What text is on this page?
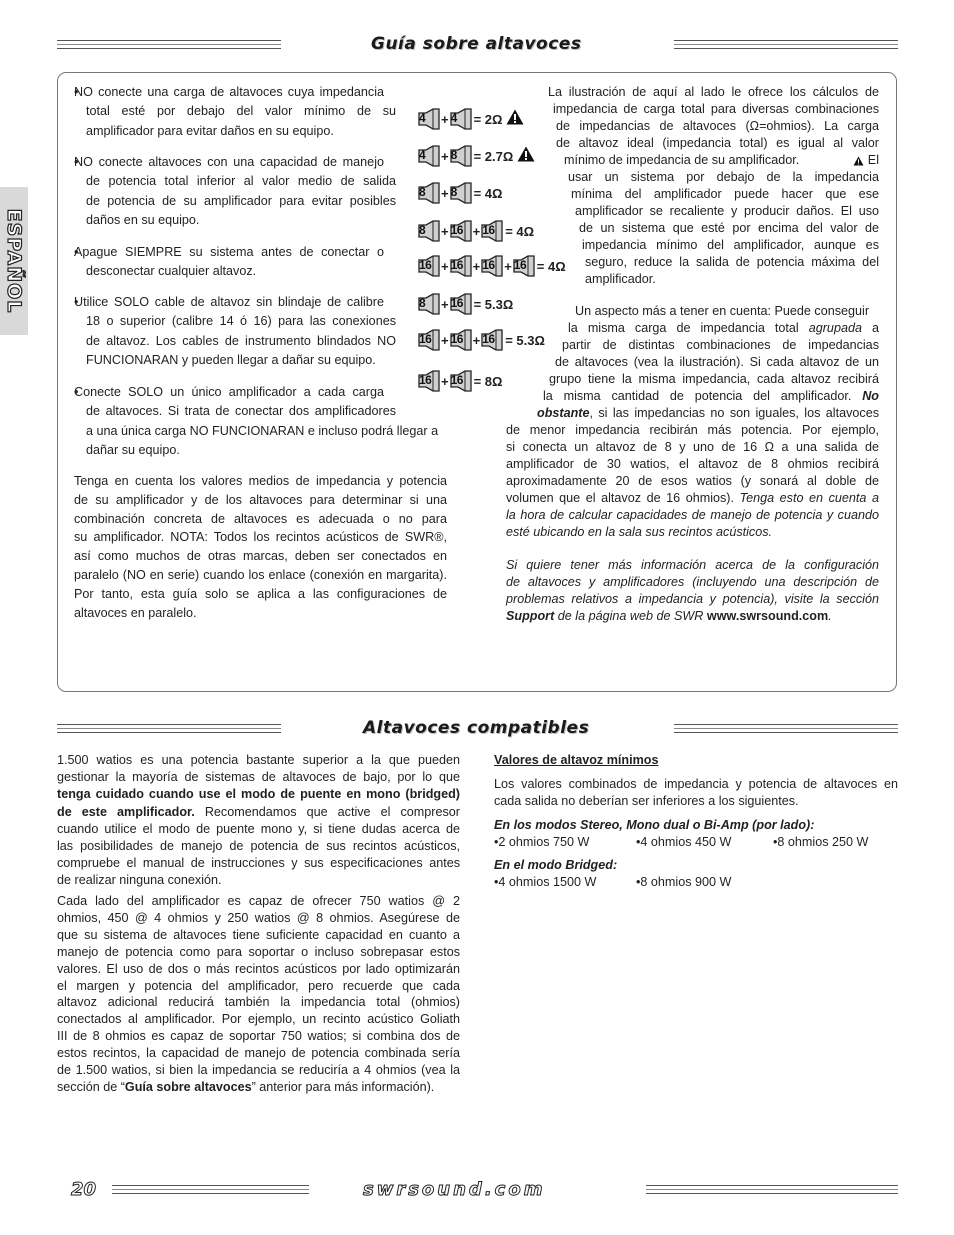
Guía sobre altavoces
ESPAÑOL
• NO conecte una carga de altavoces cuya impedancia
total esté por debajo del valor mínimo de su
amplificador para evitar daños en su equipo.
• NO conecte altavoces con una capacidad de manejo
de potencia total inferior al valor medio de salida
de potencia de su amplificador para evitar posibles
daños en su equipo.
• Apague SIEMPRE su sistema antes de conectar o
desconectar cualquier altavoz.
• Utilice SOLO cable de altavoz sin blindaje de calibre
18 o superior (calibre 14 ó 16) para las conexiones
de altavoz. Los cables de instrumento blindados NO
FUNCIONARAN y pueden llegar a dañar su equipo.
• Conecte SOLO un único amplificador a cada carga
de altavoces. Si trata de conectar dos amplificadores
a una única carga NO FUNCIONARAN e incluso podrá llegar a
dañar su equipo.
Tenga en cuenta los valores medios de impedancia y potencia
de su amplificador y de los altavoces para determinar si una
combinación concreta de altavoces es adecuada o no para
su amplificador. NOTA: Todos los recintos acústicos de SWR®,
así como muchos de otras marcas, deben ser conectados en
paralelo (NO en serie) cuando los enlace (conexión en margarita).
Por tanto, esta guía solo se aplica a las configuraciones de
altavoces en paralelo.
4 + 4 = 2Ω
4 + 8 = 2.7Ω
8 + 8 = 4Ω
8 + 16 + 16 = 4Ω
16 + 16 + 16 + 16 = 4Ω
8 + 16 = 5.3Ω
16 + 16 + 16 = 5.3Ω
16 + 16 = 8Ω
La ilustración de aquí al lado le ofrece los cálculos de
impedancia de carga total para diversas combinaciones
de impedancias de altavoces (Ω=ohmios). La carga
de altavoz ideal (impedancia total) es igual al valor
mínimo de impedancia de su amplificador.	El
usar un sistema por debajo de la impedancia
mínima del amplificador puede hacer que ese
amplificador se recaliente y producir daños. El uso
de un sistema que esté por encima del valor de
impedancia mínimo del amplificador, aunque es
seguro, reduce la salida de potencia máxima del
amplificador.
Un aspecto más a tener en cuenta: Puede conseguir
la misma carga de impedancia total agrupada a
partir de distintas combinaciones de impedancias
de altavoces (vea la ilustración). Si cada altavoz de un
grupo tiene la misma impedancia, cada altavoz recibirá
la misma cantidad de potencia del amplificador. No
obstante, si las impedancias no son iguales, los altavoces
de menor impedancia recibirán más potencia. Por ejemplo,
si conecta un altavoz de 8 y uno de 16 Ω a una salida de
amplificador de 30 watios, el altavoz de 8 ohmios recibirá
aproximadamente 20 de esos watios (y sonará al doble de
volumen que el altavoz de 16 ohmios). Tenga esto en cuenta a
la hora de calcular capacidades de manejo de potencia y cuando
esté ubicando en la sala sus recintos acústicos.
Si quiere tener más información acerca de la configuración
de altavoces y amplificadores (incluyendo una descripción de
problemas relativos a impedancia y potencia), visite la sección
Support de la página web de SWR www.swrsound.com.
Altavoces compatibles
1.500 watios es una potencia bastante superior a la que pueden
gestionar la mayoría de sistemas de altavoces de bajo, por lo que
tenga cuidado cuando use el modo de puente en mono (bridged)
de este amplificador. Recomendamos que active el compresor
cuando utilice el modo de puente mono y, si tiene dudas acerca de
las posibilidades de manejo de potencia de sus recintos acústicos,
compruebe el manual de instrucciones y sus especificaciones antes
de realizar ninguna conexión.
Cada lado del amplificador es capaz de ofrecer 750 watios @ 2
ohmios, 450 @ 4 ohmios y 250 watios @ 8 ohmios. Asegúrese de
que su sistema de altavoces tiene suficiente capacidad en cuanto a
manejo de potencia como para soportar o incluso sobrepasar estos
valores. El uso de dos o más recintos acústicos por lado optimizarán
el margen y potencia del amplificador, pero recuerde que cada
altavoz adicional reducirá también la impedancia total (ohmios)
conectados al amplificador. Por ejemplo, un recinto acústico Goliath
III de 8 ohmios es capaz de soportar 750 watios; si combina dos de
estos recintos, la capacidad de manejo de potencia combinada sería
de 1.500 watios, si bien la impedancia se reduciría a 4 ohmios (vea la
sección de “Guía sobre altavoces” anterior para más información).
Valores de altavoz mínimos
Los valores combinados de impedancia y potencia de altavoces en
cada salida no deberían ser inferiores a los siguientes.
En los modos Stereo, Mono dual o Bi-Amp (por lado):
•2 ohmios 750 W	•4 ohmios 450 W	•8 ohmios 250 W
En el modo Bridged:
•4 ohmios 1500 W	•8 ohmios 900 W
20	swrsound.com
